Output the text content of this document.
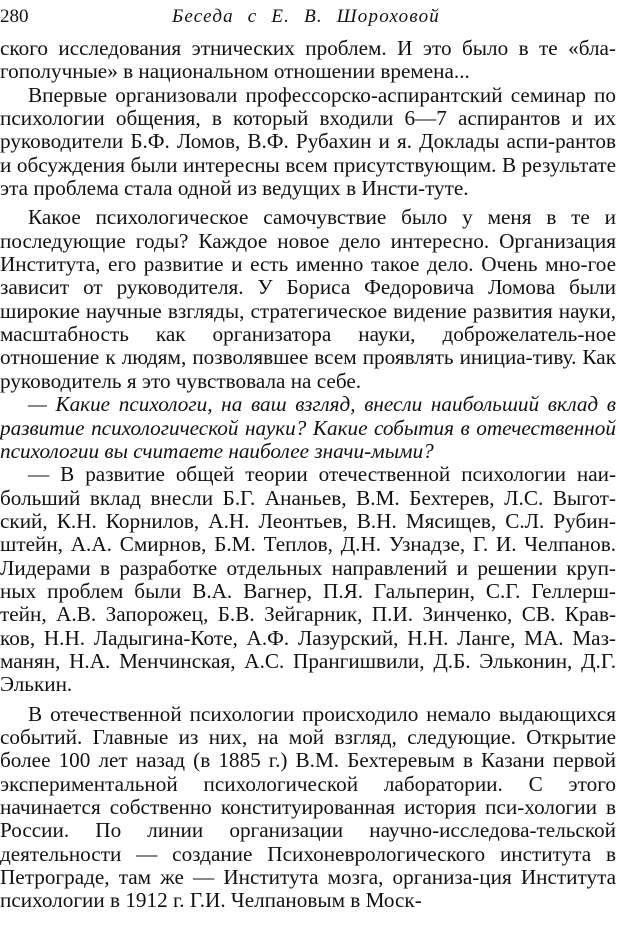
280	Беседа с Е. В. Шороховой

ского исследования этнических проблем. И это было в те «бла-гополучные» в национальном отношении времена...

Впервые организовали профессорско-аспирантский семинар по психологии общения, в который входили 6—7 аспирантов и их руководители Б.Ф. Ломов, В.Ф. Рубахин и я. Доклады аспи-рантов и обсуждения были интересны всем присутствующим. В результате эта проблема стала одной из ведущих в Инсти-туте.

Какое психологическое самочувствие было у меня в те и последующие годы? Каждое новое дело интересно. Организация Института, его развитие и есть именно такое дело. Очень мно-гое зависит от руководителя. У Бориса Федоровича Ломова были широкие научные взгляды, стратегическое видение развития науки, масштабность как организатора науки, доброжелатель-ное отношение к людям, позволявшее всем проявлять инициа-тиву. Как руководитель я это чувствовала на себе.

— Какие психологи, на ваш взгляд, внесли наибольший вклад в развитие психологической науки? Какие события в отечественной психологии вы считаете наиболее значи-мыми?

— В развитие общей теории отечественной психологии наи-больший вклад внесли Б.Г. Ананьев, В.М. Бехтерев, Л.С. Выгот-ский, К.Н. Корнилов, А.Н. Леонтьев, В.Н. Мясищев, С.Л. Рубин-штейн, А.А. Смирнов, Б.М. Теплов, Д.Н. Узнадзе, Г. И. Челпанов. Лидерами в разработке отдельных направлений и решении круп-ных проблем были В.А. Вагнер, П.Я. Гальперин, С.Г. Геллерш-тейн, А.В. Запорожец, Б.В. Зейгарник, П.И. Зинченко, СВ. Крав-ков, Н.Н. Ладыгина-Коте, А.Ф. Лазурский, Н.Н. Ланге, МА. Маз-манян, Н.А. Менчинская, А.С. Прангишвили, Д.Б. Эльконин, Д.Г. Элькин.

В отечественной психологии происходило немало выдающихся событий. Главные из них, на мой взгляд, следующие. Открытие более 100 лет назад (в 1885 г.) В.М. Бехтеревым в Казани первой экспериментальной психологической лаборатории. С этого начинается собственно конституированная история пси-хологии в России. По линии организации научно-исследова-тельской деятельности — создание Психоневрологического института в Петрограде, там же — Института мозга, организа-ция Института психологии в 1912 г. Г.И. Челпановым в Моск-
